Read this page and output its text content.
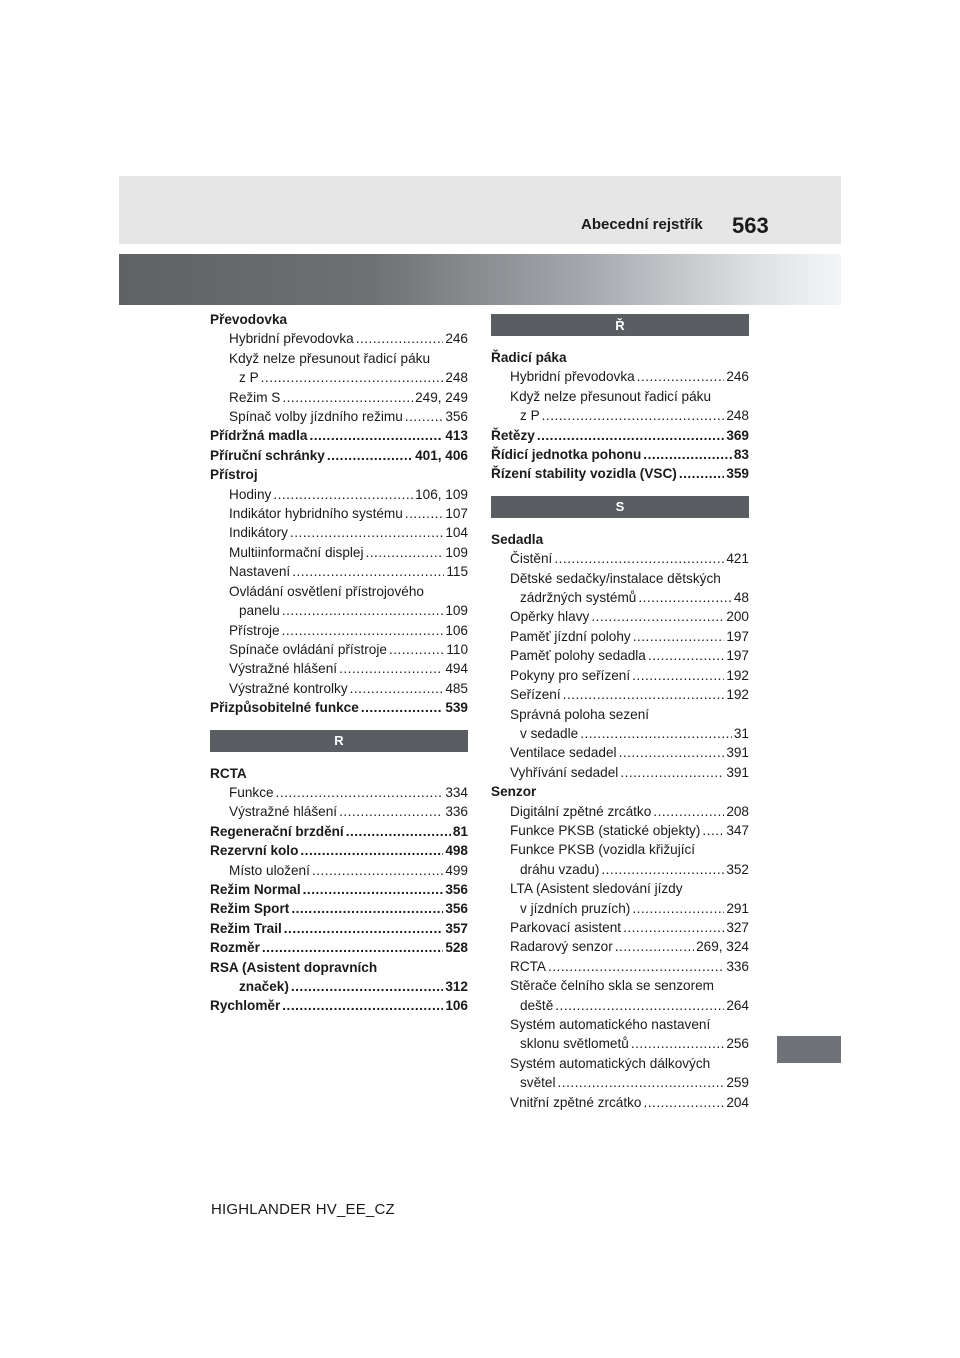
Abecední rejstřík 563
Převodovka
Hybridní převodovka .....	246
Když nelze přesunout řadicí páku
z P .....	248
Režim S .....	249, 249
Spínač volby jízdního režimu .....	356
Přídržná madla .....	413
Příruční schránky .....	401, 406
Přístroj
Hodiny .....	106, 109
Indikátor hybridního systému .....	107
Indikátory .....	104
Multiinformační displej .....	109
Nastavení .....	115
Ovládání osvětlení přístrojového
panelu .....	109
Přístroje .....	106
Spínače ovládání přístroje .....	110
Výstražné hlášení .....	494
Výstražné kontrolky .....	485
Přizpůsobitelné funkce .....	539
R
RCTA
Funkce .....	334
Výstražné hlášení .....	336
Regenerační brzdění .....	81
Rezervní kolo .....	498
Místo uložení .....	499
Režim Normal .....	356
Režim Sport .....	356
Režim Trail .....	357
Rozměr .....	528
RSA (Asistent dopravních
značek) .....	312
Rychloměr .....	106
Ř
Řadicí páka
Hybridní převodovka .....	246
Když nelze přesunout řadicí páku
z P .....	248
Řetězy .....	369
Řídicí jednotka pohonu .....	83
Řízení stability vozidla (VSC) .....	359
S
Sedadla
Čistění .....	421
Dětské sedačky/instalace dětských
zádržných systémů .....	48
Opěrky hlavy .....	200
Paměť jízdní polohy .....	197
Paměť polohy sedadla .....	197
Pokyny pro seřízení .....	192
Seřízení .....	192
Správná poloha sezení
v sedadle .....	31
Ventilace sedadel .....	391
Vyhřívání sedadel .....	391
Senzor
Digitální zpětné zrcátko .....	208
Funkce PKSB (statické objekty) ..... 347
Funkce PKSB (vozidla křižující
dráhu vzadu) .....	352
LTA (Asistent sledování jízdy
v jízdních pruzích) .....	291
Parkovací asistent .....	327
Radarový senzor .....	269, 324
RCTA .....	336
Stěrače čelního skla se senzorem
deště .....	264
Systém automatického nastavení
sklonu světlometů .....	256
Systém automatických dálkových
světel .....	259
Vnitřní zpětné zrcátko .....	204
HIGHLANDER HV_EE_CZ
